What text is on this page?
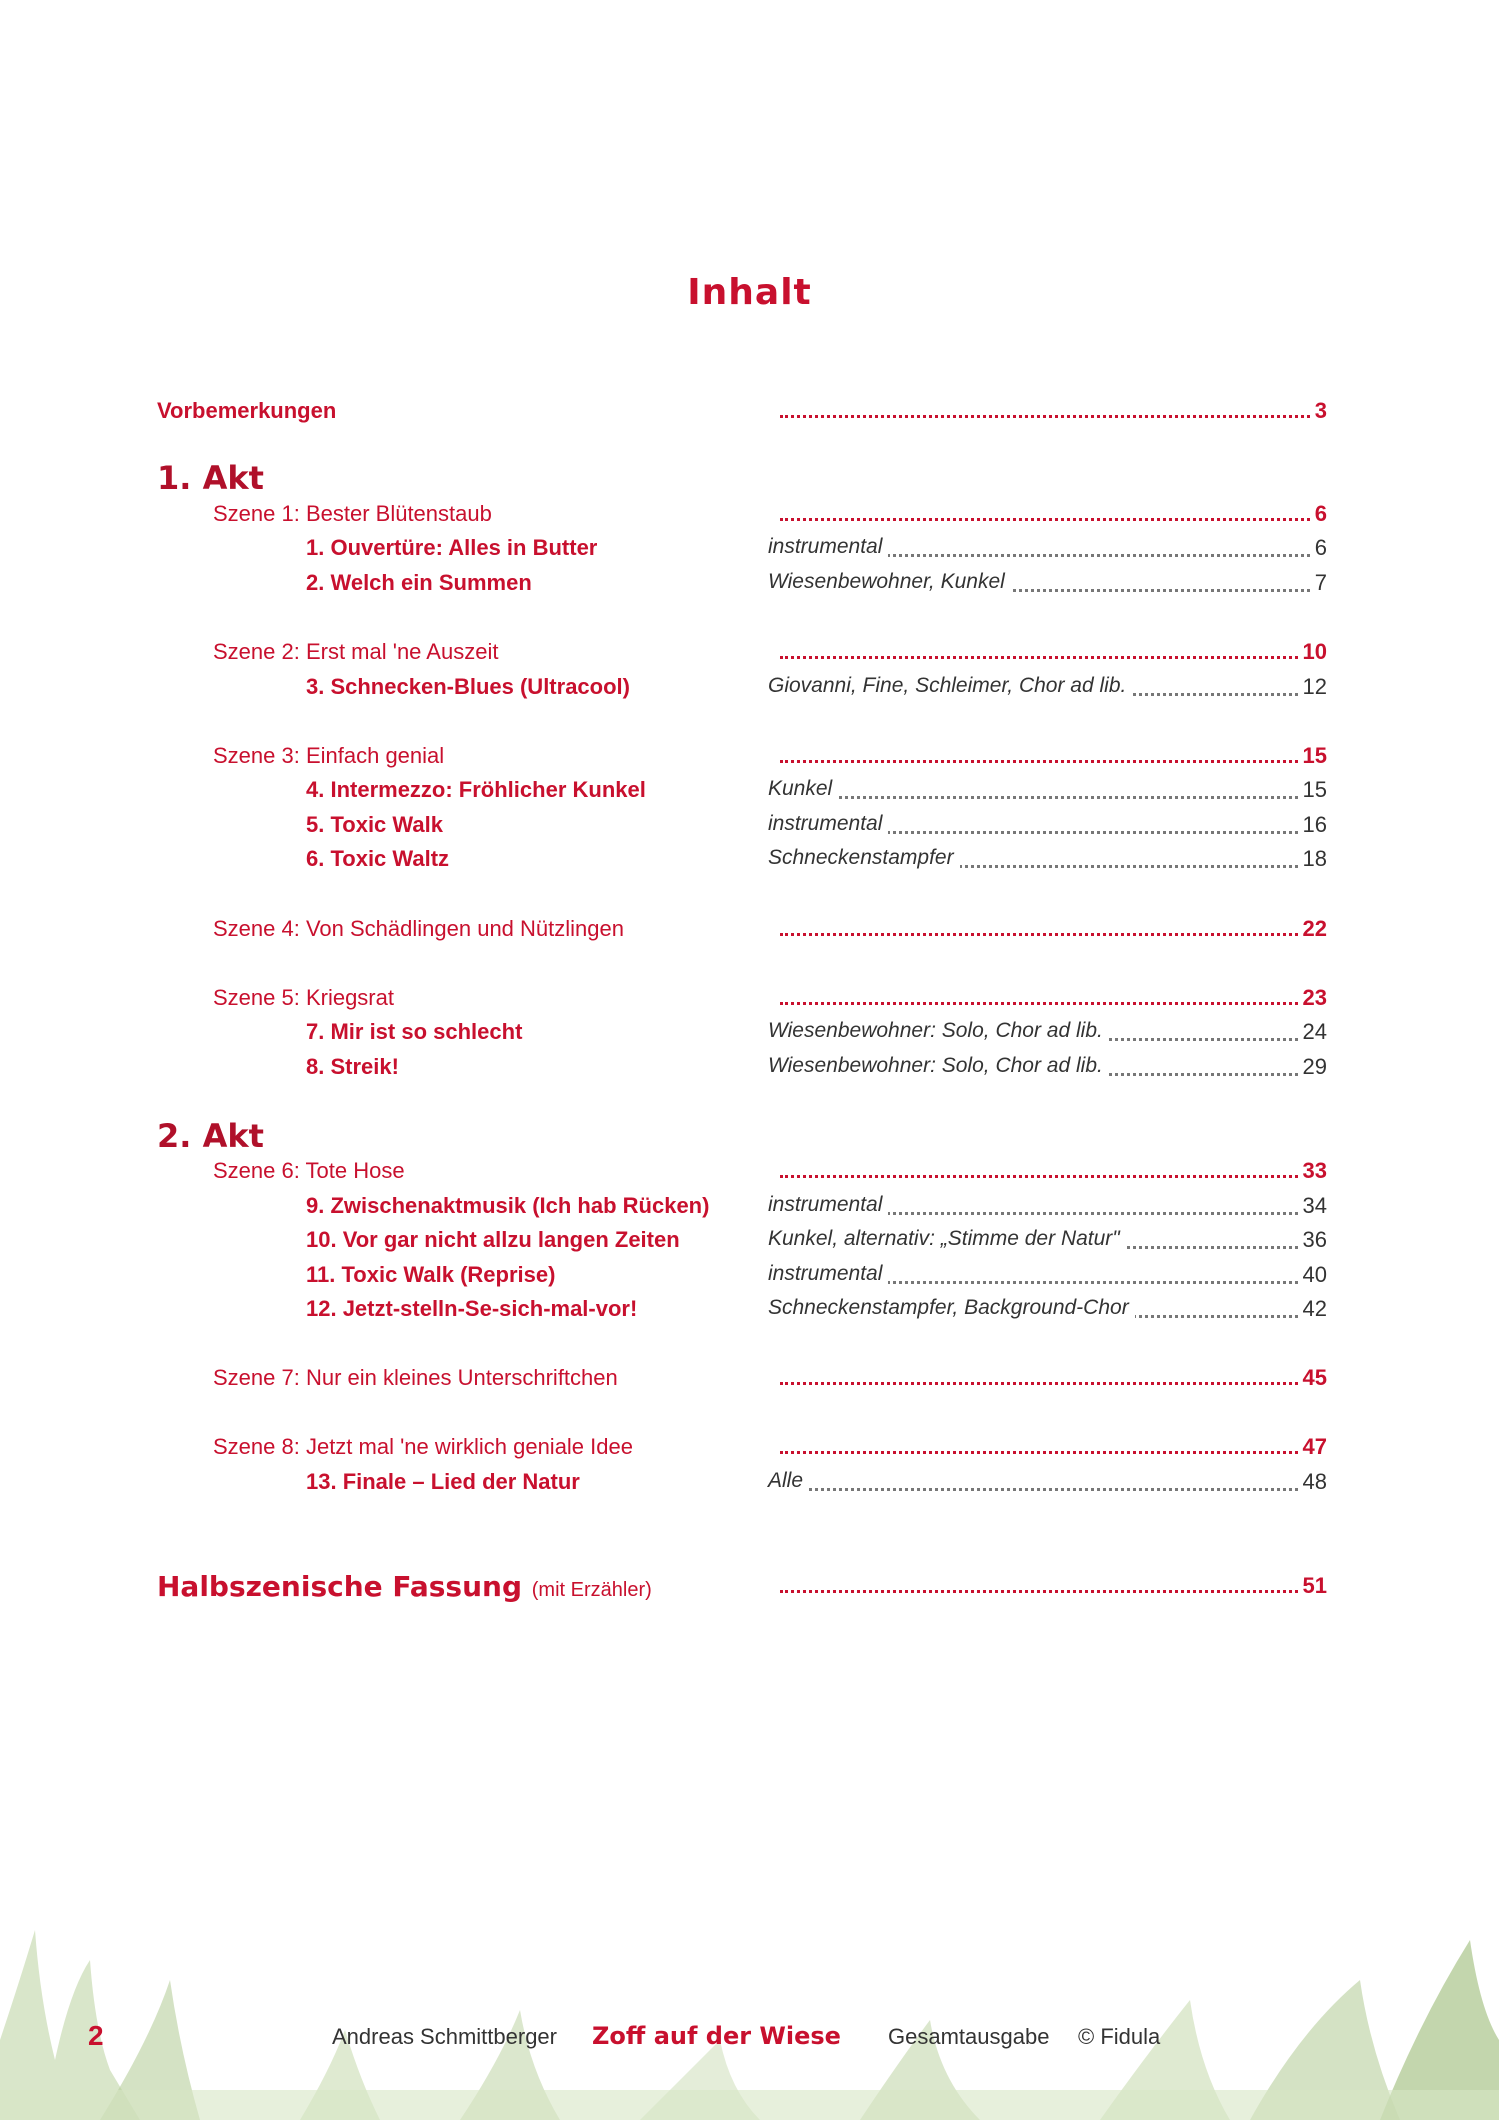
Inhalt
Vorbemerkungen	3
1. Akt
Szene 1: Bester Blütenstaub	6
1. Ouvertüre: Alles in Butter	instrumental	6
2. Welch ein Summen	Wiesenbewohner, Kunkel	7
Szene 2: Erst mal 'ne Auszeit	10
3. Schnecken-Blues (Ultracool)	Giovanni, Fine, Schleimer, Chor ad lib.	12
Szene 3: Einfach genial	15
4. Intermezzo: Fröhlicher Kunkel	Kunkel	15
5. Toxic Walk	instrumental	16
6. Toxic Waltz	Schneckenstampfer	18
Szene 4: Von Schädlingen und Nützlingen	22
Szene 5: Kriegsrat	23
7. Mir ist so schlecht	Wiesenbewohner: Solo, Chor ad lib.	24
8. Streik!	Wiesenbewohner: Solo, Chor ad lib.	29
2. Akt
Szene 6: Tote Hose	33
9. Zwischenaktmusik (Ich hab Rücken)	instrumental	34
10. Vor gar nicht allzu langen Zeiten	Kunkel, alternativ: „Stimme der Natur"	36
11. Toxic Walk (Reprise)	instrumental	40
12. Jetzt-stelln-Se-sich-mal-vor!	Schneckenstampfer, Background-Chor	42
Szene 7: Nur ein kleines Unterschriftchen	45
Szene 8: Jetzt mal 'ne wirklich geniale Idee	47
13. Finale – Lied der Natur	Alle	48
Halbszenische Fassung (mit Erzähler)	51
2	Andreas Schmittberger Zoff auf der Wiese Gesamtausgabe © Fidula
